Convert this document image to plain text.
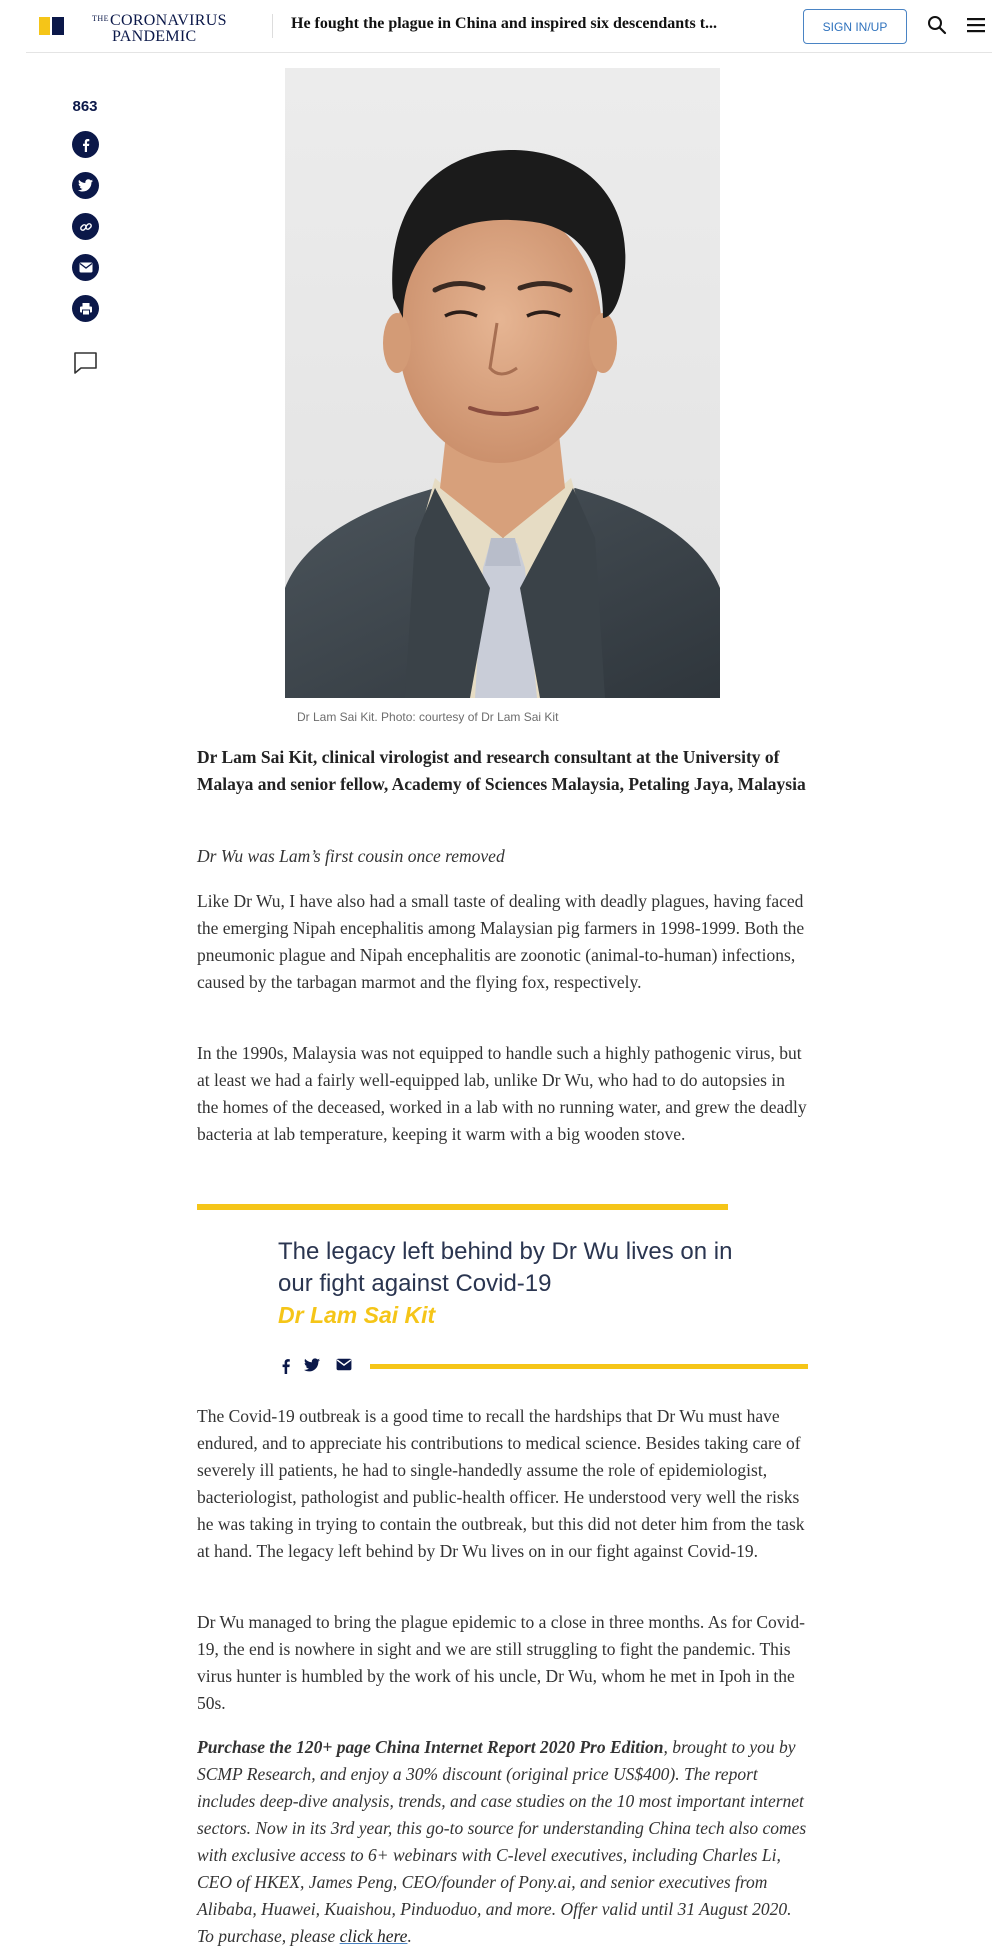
THE CORONAVIRUS
PANDEMIC
He fought the plague in China and inspired six descendants t...	SIGN IN/UP
863
Dr Lam Sai Kit. Photo: courtesy of Dr Lam Sai Kit
Dr Lam Sai Kit, clinical virologist and research consultant at the University of Malaya and senior fellow, Academy of Sciences Malaysia, Petaling Jaya, Malaysia
Dr Wu was Lam’s first cousin once removed
Like Dr Wu, I have also had a small taste of dealing with deadly plagues, having faced the emerging Nipah encephalitis among Malaysian pig farmers in 1998-1999. Both the pneumonic plague and Nipah encephalitis are zoonotic (animal-to-human) infections, caused by the tarbagan marmot and the flying fox, respectively.
In the 1990s, Malaysia was not equipped to handle such a highly pathogenic virus, but at least we had a fairly well-equipped lab, unlike Dr Wu, who had to do autopsies in the homes of the deceased, worked in a lab with no running water, and grew the deadly bacteria at lab temperature, keeping it warm with a big wooden stove.
The legacy left behind by Dr Wu lives on in our fight against Covid-19
Dr Lam Sai Kit
The Covid-19 outbreak is a good time to recall the hardships that Dr Wu must have endured, and to appreciate his contributions to medical science. Besides taking care of severely ill patients, he had to single-handedly assume the role of epidemiologist, bacteriologist, pathologist and public-health officer. He understood very well the risks he was taking in trying to contain the outbreak, but this did not deter him from the task at hand. The legacy left behind by Dr Wu lives on in our fight against Covid-19.
Dr Wu managed to bring the plague epidemic to a close in three months. As for Covid-19, the end is nowhere in sight and we are still struggling to fight the pandemic. This virus hunter is humbled by the work of his uncle, Dr Wu, whom he met in Ipoh in the 50s.
Purchase the 120+ page China Internet Report 2020 Pro Edition, brought to you by SCMP Research, and enjoy a 30% discount (original price US$400). The report includes deep-dive analysis, trends, and case studies on the 10 most important internet sectors. Now in its 3rd year, this go-to source for understanding China tech also comes with exclusive access to 6+ webinars with C-level executives, including Charles Li, CEO of HKEX, James Peng, CEO/founder of Pony.ai, and senior executives from Alibaba, Huawei, Kuaishou, Pinduoduo, and more. Offer valid until 31 August 2020. To purchase, please click here.
